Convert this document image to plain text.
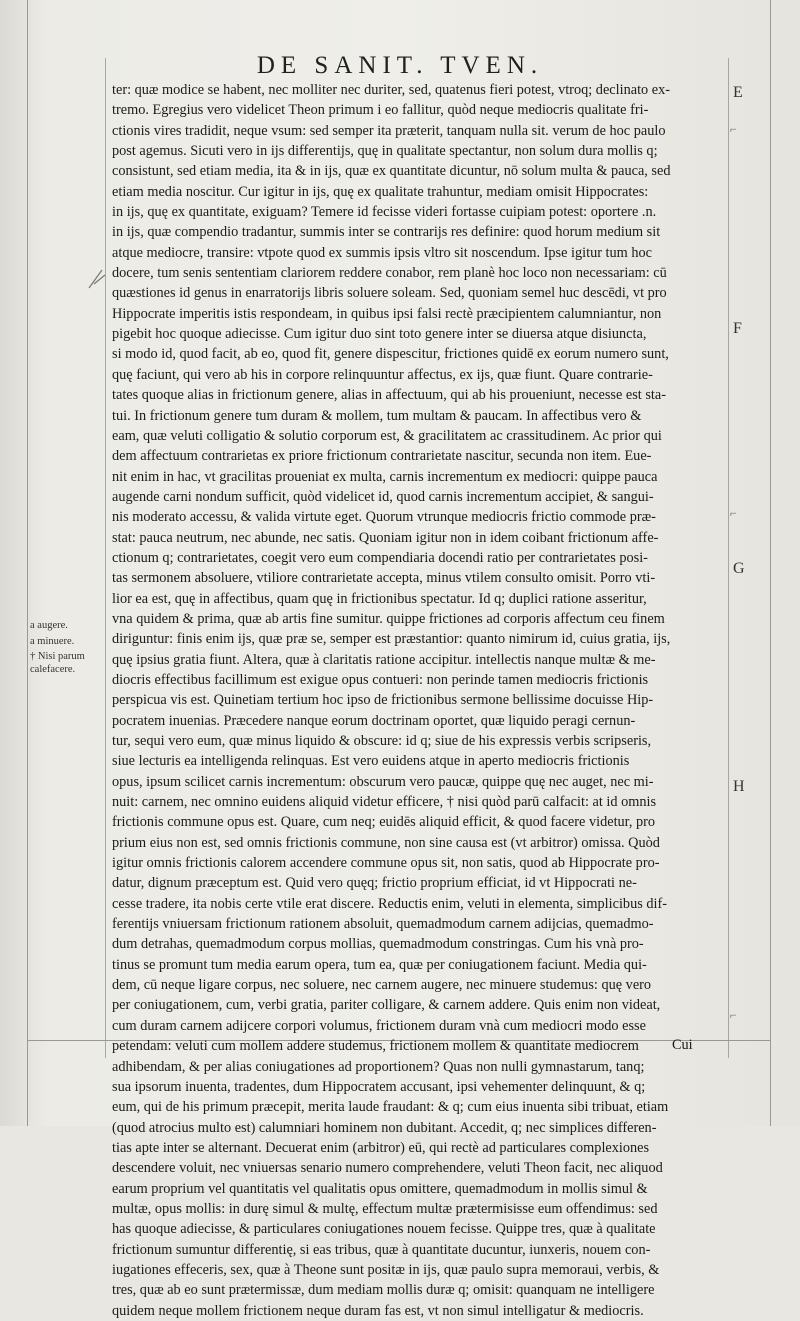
DE SANIT. TVEN.
ter: quæ modice se habent, nec molliter nec duriter, sed, quatenus fieri potest, vtroq; declinato ex-
tremo. Egregius vero videlicet Theon primum i eo fallitur, quòd neque mediocris qualitate fri-
ctionis vires tradidit, neque vsum: sed semper ita præterit, tanquam nulla sit. verum de hoc paulo
post agemus. Sicuti vero in ijs differentijs, quę in qualitate spectantur, non solum dura mollis q;
consistunt, sed etiam media, ita & in ijs, quæ ex quantitate dicuntur, nō solum multa & pauca, sed
etiam media noscitur. Cur igitur in ijs, quę ex qualitate trahuntur, mediam omisit Hippocrates:
in ijs, quę ex quantitate, exiguam? Temere id fecisse videri fortasse cuipiam potest: oportere .n.
in ijs, quæ compendio tradantur, summis inter se contrarijs res definire: quod horum medium sit
atque mediocre, transire: vtpote quod ex summis ipsis vltro sit noscendum. Ipse igitur tum hoc
docere, tum senis sententiam clariorem reddere conabor, rem planè hoc loco non necessariam: cū
quæstiones id genus in enarratorijs libris soluere soleam. Sed, quoniam semel huc descēdi, vt pro
Hippocrate imperitis istis respondeam, in quibus ipsi falsi rectè præcipientem calumniantur, non
pigebit hoc quoque adiecisse. Cum igitur duo sint toto genere inter se diuersa atque disiuncta,
si modo id, quod facit, ab eo, quod fit, genere dispescitur, frictiones quidē ex eorum numero sunt,
quę faciunt, qui vero ab his in corpore relinquuntur affectus, ex ijs, quæ fiunt. Quare contrarie-
tates quoque alias in frictionum genere, alias in affectuum, qui ab his proueniunt, necesse est sta-
tui. In frictionum genere tum duram & mollem, tum multam & paucam. In affectibus vero &
eam, quæ veluti colligatio & solutio corporum est, & gracilitatem ac crassitudinem. Ac prior qui
dem affectuum contrarietas ex priore frictionum contrarietate nascitur, secunda non item. Eue-
nit enim in hac, vt gracilitas proueniat ex multa, carnis incrementum ex mediocri: quippe pauca
augende carni nondum sufficit, quòd videlicet id, quod carnis incrementum accipiet, & sangui-
nis moderato accessu, & valida virtute eget. Quorum vtrunque mediocris frictio commode præ-
stat: pauca neutrum, nec abunde, nec satis. Quoniam igitur non in idem coibant frictionum affe-
ctionum q; contrarietates, coegit vero eum compendiaria docendi ratio per contrarietates posi-
tas sermonem absoluere, vtiliore contrarietate accepta, minus vtilem consulto omisit. Porro vti-
lior ea est, quę in affectibus, quam quę in frictionibus spectatur. Id q; duplici ratione asseritur,
vna quidem & prima, quæ ab artis fine sumitur. quippe frictiones ad corporis affectum ceu finem
diriguntur: finis enim ijs, quæ præ se, semper est præstantior: quanto nimirum id, cuius gratia, ijs,
quę ipsius gratia fiunt. Altera, quæ à claritatis ratione accipitur. intellectis nanque multæ & me-
diocris effectibus facillimum est exigue opus contueri: non perinde tamen mediocris frictionis
perspicua vis est. Quinetiam tertium hoc ipso de frictionibus sermone bellissime docuisse Hip-
pocratem inuenias. Præcedere nanque eorum doctrinam oportet, quæ liquido peragi cernun-
tur, sequi vero eum, quæ minus liquido & obscure: id q; siue de his expressis verbis scripseris,
siue lecturis ea intelligenda relinquas. Est vero euidens atque in aperto mediocris frictionis
opus, ipsum scilicet carnis incrementum: obscurum vero paucæ, quippe quę nec auget, nec mi-
nuit: carnem, nec omnino euidens aliquid videtur efficere, † nisi quòd parū calfacit: at id omnis
frictionis commune opus est. Quare, cum neq; euidēs aliquid efficit, & quod facere videtur, pro
prium eius non est, sed omnis frictionis commune, non sine causa est (vt arbitror) omissa. Quòd
igitur omnis frictionis calorem accendere commune opus sit, non satis, quod ab Hippocrate pro-
datur, dignum præceptum est. Quid vero quęq; frictio proprium efficiat, id vt Hippocrati ne-
cesse tradere, ita nobis certe vtile erat discere. Reductis enim, veluti in elementa, simplicibus dif-
ferentijs vniuersam frictionum rationem absoluit, quemadmodum carnem adijcias, quemadmo-
dum detrahas, quemadmodum corpus mollias, quemadmodum constringas. Cum his vnà pro-
tinus se promunt tum media earum opera, tum ea, quæ per coniugationem faciunt. Media qui-
dem, cū neque ligare corpus, nec soluere, nec carnem augere, nec minuere studemus: quę vero
per coniugationem, cum, verbi gratia, pariter colligare, & carnem addere. Quis enim non videat,
cum duram carnem adijcere corpori volumus, frictionem duram vnà cum mediocri modo esse
petendam: veluti cum mollem addere studemus, frictionem mollem & quantitate mediocrem
adhibendam, & per alias coniugationes ad proportionem? Quas non nulli gymnastarum, tanq;
sua ipsorum inuenta, tradentes, dum Hippocratem accusant, ipsi vehementer delinquunt, & q;
eum, qui de his primum præcepit, merita laude fraudant: & q; cum eius inuenta sibi tribuat, etiam
(quod atrocius multo est) calumniari hominem non dubitant. Accedit, q; nec simplices differen-
tias apte inter se alternant. Decuerat enim (arbitror) eū, qui rectè ad particulares complexiones
descendere voluit, nec vniuersas senario numero comprehendere, veluti Theon facit, nec aliquod
earum proprium vel quantitatis vel qualitatis opus omittere, quemadmodum in mollis simul &
multæ, opus mollis: in durę simul & multę, effectum multæ prætermisisse eum offendimus: sed
has quoque adiecisse, & particulares coniugationes nouem fecisse. Quippe tres, quæ à qualitate
frictionum sumuntur differentię, si eas tribus, quæ à quantitate ducuntur, iunxeris, nouem con-
iugationes effeceris, sex, quæ à Theone sunt positæ in ijs, quæ paulo supra memoraui, verbis, &
tres, quæ ab eo sunt prætermissæ, dum mediam mollis duræ q; omisit: quanquam ne intelligere
quidem neque mollem frictionem neque duram fas est, vt non simul intelligatur & mediocris.
E
F
G
H
⌐
⌐
⌐
a augere.
a minuere.
† Nisi parum calefacere.
Cui
